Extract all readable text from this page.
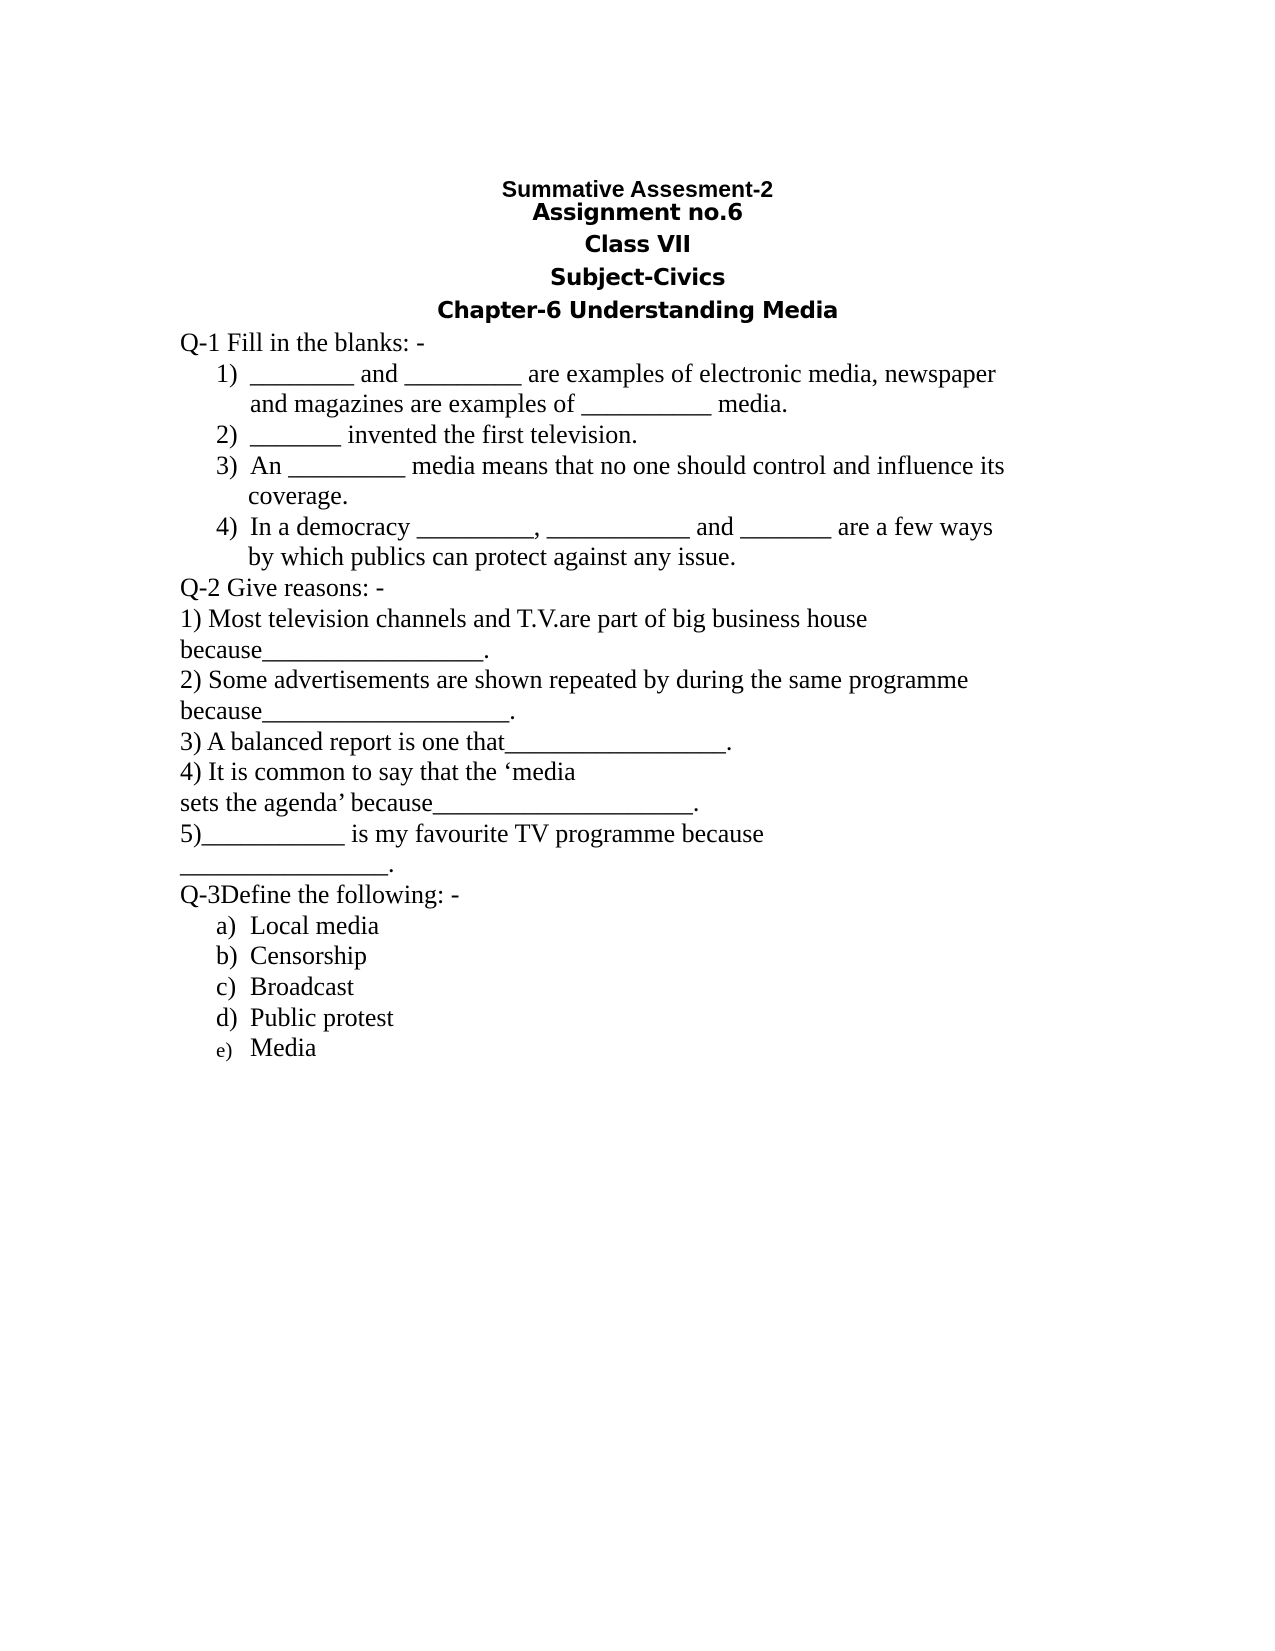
Summative Assesment-2
Assignment no.6
Class VII
Subject-Civics
Chapter-6 Understanding Media
Q-1 Fill in the blanks: -
1) ________ and _________ are examples of electronic media, newspaper
and magazines are examples of __________ media.
2) _______ invented the first television.
3) An _________ media means that no one should control and influence its
coverage.
4) In a democracy _________, ___________ and _______ are a few ways
by which publics can protect against any issue.
Q-2 Give reasons: -
1) Most television channels and T.V.are part of big business house
because_________________.
2) Some advertisements are shown repeated by during the same programme
because___________________.
3) A balanced report is one that_________________.
4) It is common to say that the ‘media
sets the agenda’ because____________________.
5)___________ is my favourite TV programme because
________________.
Q-3Define the following: -
a) Local media
b) Censorship
c) Broadcast
d) Public protest
e) Media
